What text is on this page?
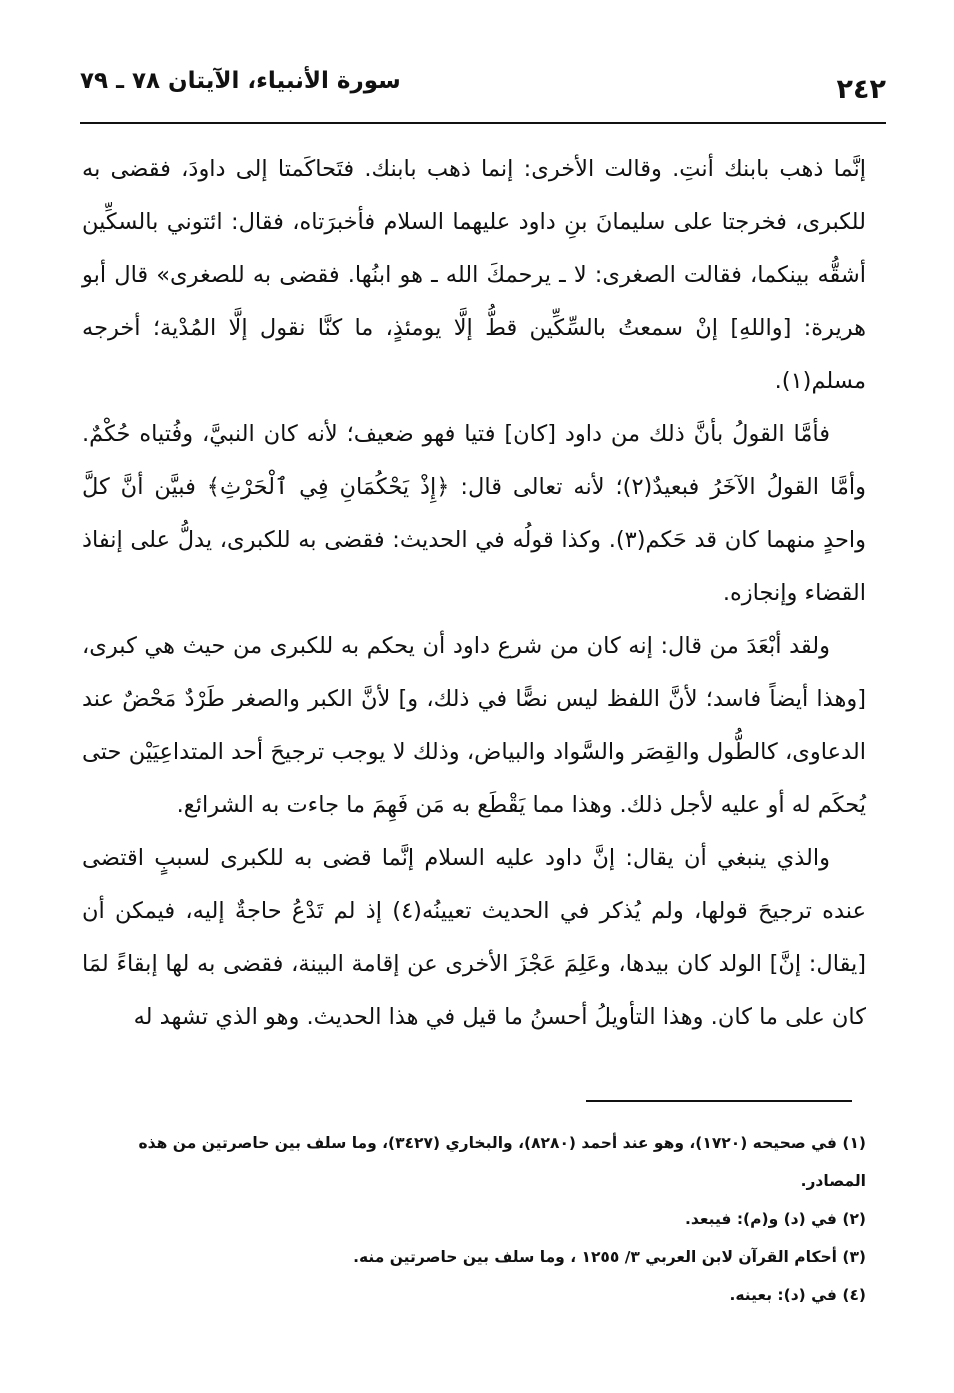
٢٤٢
سورة الأنبياء، الآيتان ٧٨ ـ ٧٩

إنَّما ذهب بابنك أنتِ. وقالت الأخرى: إنما ذهب بابنك. فتَحاكَمتا إلى داودَ، فقضى به للكبرى، فخرجتا على سليمانَ بنِ داود عليهما السلام فأخبرَتاه، فقال: ائتوني بالسكِّين أشقُّه بينكما، فقالت الصغرى: لا ـ يرحمكَ الله ـ هو ابنُها. فقضى به للصغرى» قال أبو هريرة: [واللهِ] إنْ سمعتُ بالسِّكِّين قطُّ إلَّا يومئذٍ، ما كنَّا نقول إلَّا المُدْية؛ أخرجه مسلم(١).

فأمَّا القولُ بأنَّ ذلك من داود [كان] فتيا فهو ضعيف؛ لأنه كان النبيَّ، وفُتياه حُكْمٌ. وأمَّا القولُ الآخَرُ فبعيدٌ(٢)؛ لأنه تعالى قال: ﴿إِذْ يَحْكُمَانِ فِي ٱلْحَرْثِ﴾ فبيَّن أنَّ كلَّ واحدٍ منهما كان قد حَكم(٣). وكذا قولُه في الحديث: فقضى به للكبرى، يدلُّ على إنفاذ القضاء وإنجازه.

ولقد أبْعَدَ من قال: إنه كان من شرع داود أن يحكم به للكبرى من حيث هي كبرى، [وهذا أيضاً فاسد؛ لأنَّ اللفظ ليس نصًّا في ذلك، و] لأنَّ الكبر والصغر طَرْدٌ مَحْضٌ عند الدعاوى، كالطُّول والقِصَر والسَّواد والبياض، وذلك لا يوجب ترجيحَ أحد المتداعِيَيْن حتى يُحكَم له أو عليه لأجل ذلك. وهذا مما يَقْطَع به مَن فَهِمَ ما جاءت به الشرائع.

والذي ينبغي أن يقال: إنَّ داود عليه السلام إنَّما قضى به للكبرى لسببٍ اقتضى عنده ترجيحَ قولها، ولم يُذكر في الحديث تعيينُه(٤) إذ لم تَدْعُ حاجةٌ إليه، فيمكن أن [يقال: إنَّ] الولد كان بيدها، وعَلِمَ عَجْزَ الأخرى عن إقامة البينة، فقضى به لها إبقاءً لمَا كان على ما كان. وهذا التأويلُ أحسنُ ما قيل في هذا الحديث. وهو الذي تشهد له

(١) في صحيحه (١٧٢٠)، وهو عند أحمد (٨٢٨٠)، والبخاري (٣٤٢٧)، وما سلف بين حاصرتين من هذه المصادر.

(٢) في (د) و(م): فيبعد.

(٣) أحكام القرآن لابن العربي ٣/ ١٢٥٥ ، وما سلف بين حاصرتين منه.

(٤) في (د): بعينه.
